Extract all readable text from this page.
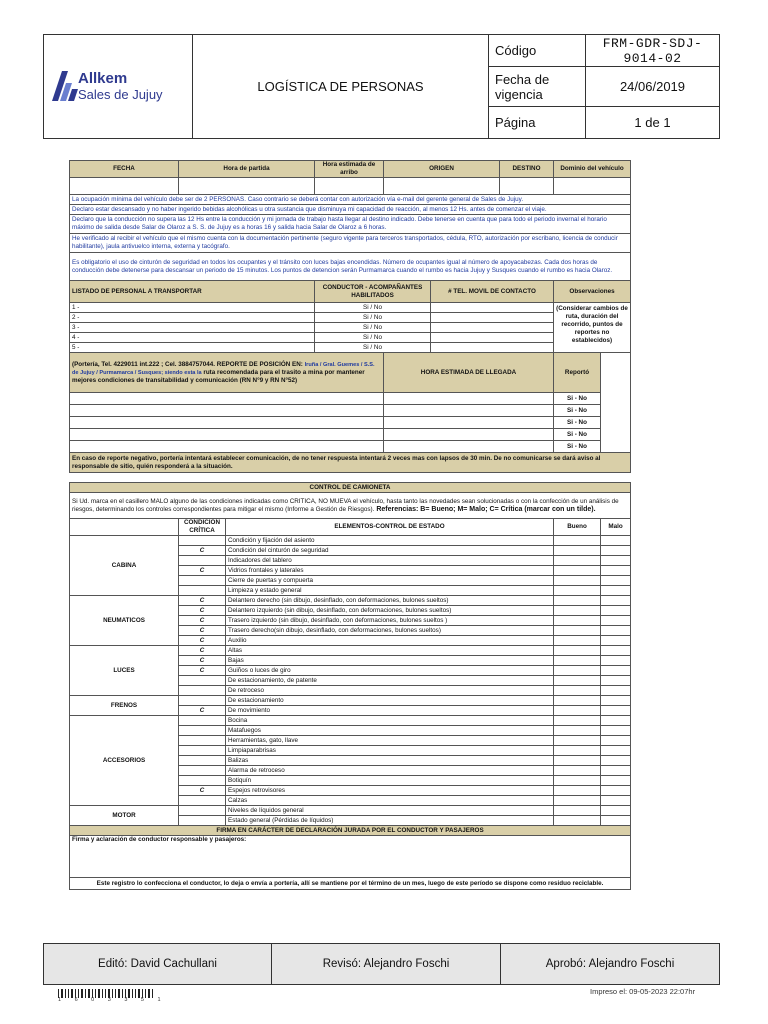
Allkem
Sales de Jujuy	LOGÍSTICA DE PERSONAS	Código	FRM-GDR-SDJ-9014-02
		Fecha de vigencia	24/06/2019
		Página	1 de 1
FECHA	Hora de partida		Hora estimada de arribo	ORIGEN		DESTINO	Dominio del vehículo	

La ocupación mínima del vehículo debe ser de 2 PERSONAS. Caso contrario se deberá contar con autorización vía e-mail del gerente general de Sales de Jujuy.								
Declaro estar descansado y no haber ingerido bebidas alcohólicas u otra sustancia que disminuya mi capacidad de reacción, al menos 12 Hs. antes de comenzar el viaje.								
Declaro que la conducción no supera las 12 Hs entre la conducción y mi jornada de trabajo hasta llegar al destino indicado. Debe tenerse en cuenta que para todo el periodo invernal el horario máximo de salida desde Salar de Olaroz a S. S. de Jujuy es a horas 16 y salida hacia Salar de Olaroz a 6 horas.								
He verificado al recibir el vehículo que el mismo cuenta con la documentación pertinente (seguro vigente para terceros transportados, cédula, RTO, autorización por escribano, licencia de conducir habilitante), jaula antivuelco interna, externa y tacógrafo.								
Es obligatorio el uso de cinturón de seguridad en todos los ocupantes y el tránsito con luces bajas encendidas. Número de ocupantes igual al número de apoyacabezas. Cada dos horas de conducción debe detenerse para descansar un periodo de 15 minutos. Los puntos de detencion serán Purmamarca cuando el rumbo es hacia Jujuy y Susques cuando el rumbo es hacia Olaroz.								
LISTADO DE PERSONAL A TRANSPORTAR			CONDUCTOR - ACOMPAÑANTES HABILITADOS		# TEL. MOVIL DE CONTACTO		Observaciones	
1 -			Si / No				(Considerar cambios de ruta, duración del recorrido, puntos de reportes no establecidos)	
2 -			Si / No					
3 -			Si / No					
4 -			Si / No					
5 -			Si / No					
(Portería, Tel. 4229011 int.222 ; Cel. 3884757044. REPORTE DE POSICIÓN EN: Iruña / Gral. Guemes / S.S. de Jujuy / Purmamarca / Susques; siendo esta la ruta recomendada para el trasito a mina por mantener mejores condiciones de transitabilidad y comunicación (RN N°9 y RN N°52)				HORA ESTIMADA DE LLEGADA			Reportó	
							Si - No	
							Si - No	
							Si - No	
							Si - No	
							Si - No	
En caso de reporte negativo, portería intentará establecer comunicación, de no tener respuesta intentará 2 veces mas con lapsos de 30 min. De no comunicarse se dará aviso al responsable de sitio, quién responderá a la situación.								

CONTROL DE CAMIONETA								
Si Ud. marca en el casillero MALO alguno de las condiciones indicadas como CRITICA, NO MUEVA el vehículo, hasta tanto las novedades sean solucionadas o con la confección de un análisis de riesgos, determinando los controles correspondientes para mitigar el mismo (Informe a Gestión de Riesgos). Referencias: B= Bueno; M= Malo; C= Crítica (marcar con un tilde).								
	CONDICIÓN CRÍTICA	ELEMENTOS-CONTROL DE ESTADO					Bueno	Malo
CABINA		Condición y fijación del asiento						
	C	Condición del cinturón de seguridad						
		Indicadores del tablero						
	C	Vidrios frontales y laterales						
		Cierre de puertas y compuerta						
		Limpieza y estado general						
NEUMATICOS	C	Delantero derecho (sin dibujo, desinflado, con deformaciones, bulones sueltos)						
	C	Delantero izquierdo (sin dibujo, desinflado, con deformaciones, bulones sueltos)						
	C	Trasero izquierdo (sin dibujo, desinflado, con deformaciones, bulones sueltos )						
	C	Trasero derecho(sin dibujo, desinflado, con deformaciones, bulones sueltos)						
	C	Auxilio						
LUCES	C	Altas						
	C	Bajas						
	C	Guiños o luces de giro						
		De estacionamiento, de patente						
		De retroceso						
FRENOS		De estacionamiento						
	C	De movimiento						
ACCESORIOS		Bocina						
		Matafuegos						
		Herramientas, gato, llave						
		Limpiaparabrisas						
		Balizas						
		Alarma de retroceso						
		Botiquín						
	C	Espejos retrovisores						
		Calzas						
MOTOR		Niveles de líquidos general						
		Estado general (Pérdidas de líquidos)						
FIRMA EN CARÁCTER DE DECLARACIÓN JURADA POR EL CONDUCTOR Y PASAJEROS								
Firma y aclaración de conductor responsable y pasajeros:								
Este registro lo confecciona el conductor, lo deja o envía a portería, allí se mantiene por el término de un mes, luego de este período se dispone como residuo reciclable.								
Editó: David Cachullani	Revisó: Alejandro Foschi	Aprobó: Alejandro Foschi
1 6 0 3 3 5 1
Impreso el: 09-05-2023 22:07hr
